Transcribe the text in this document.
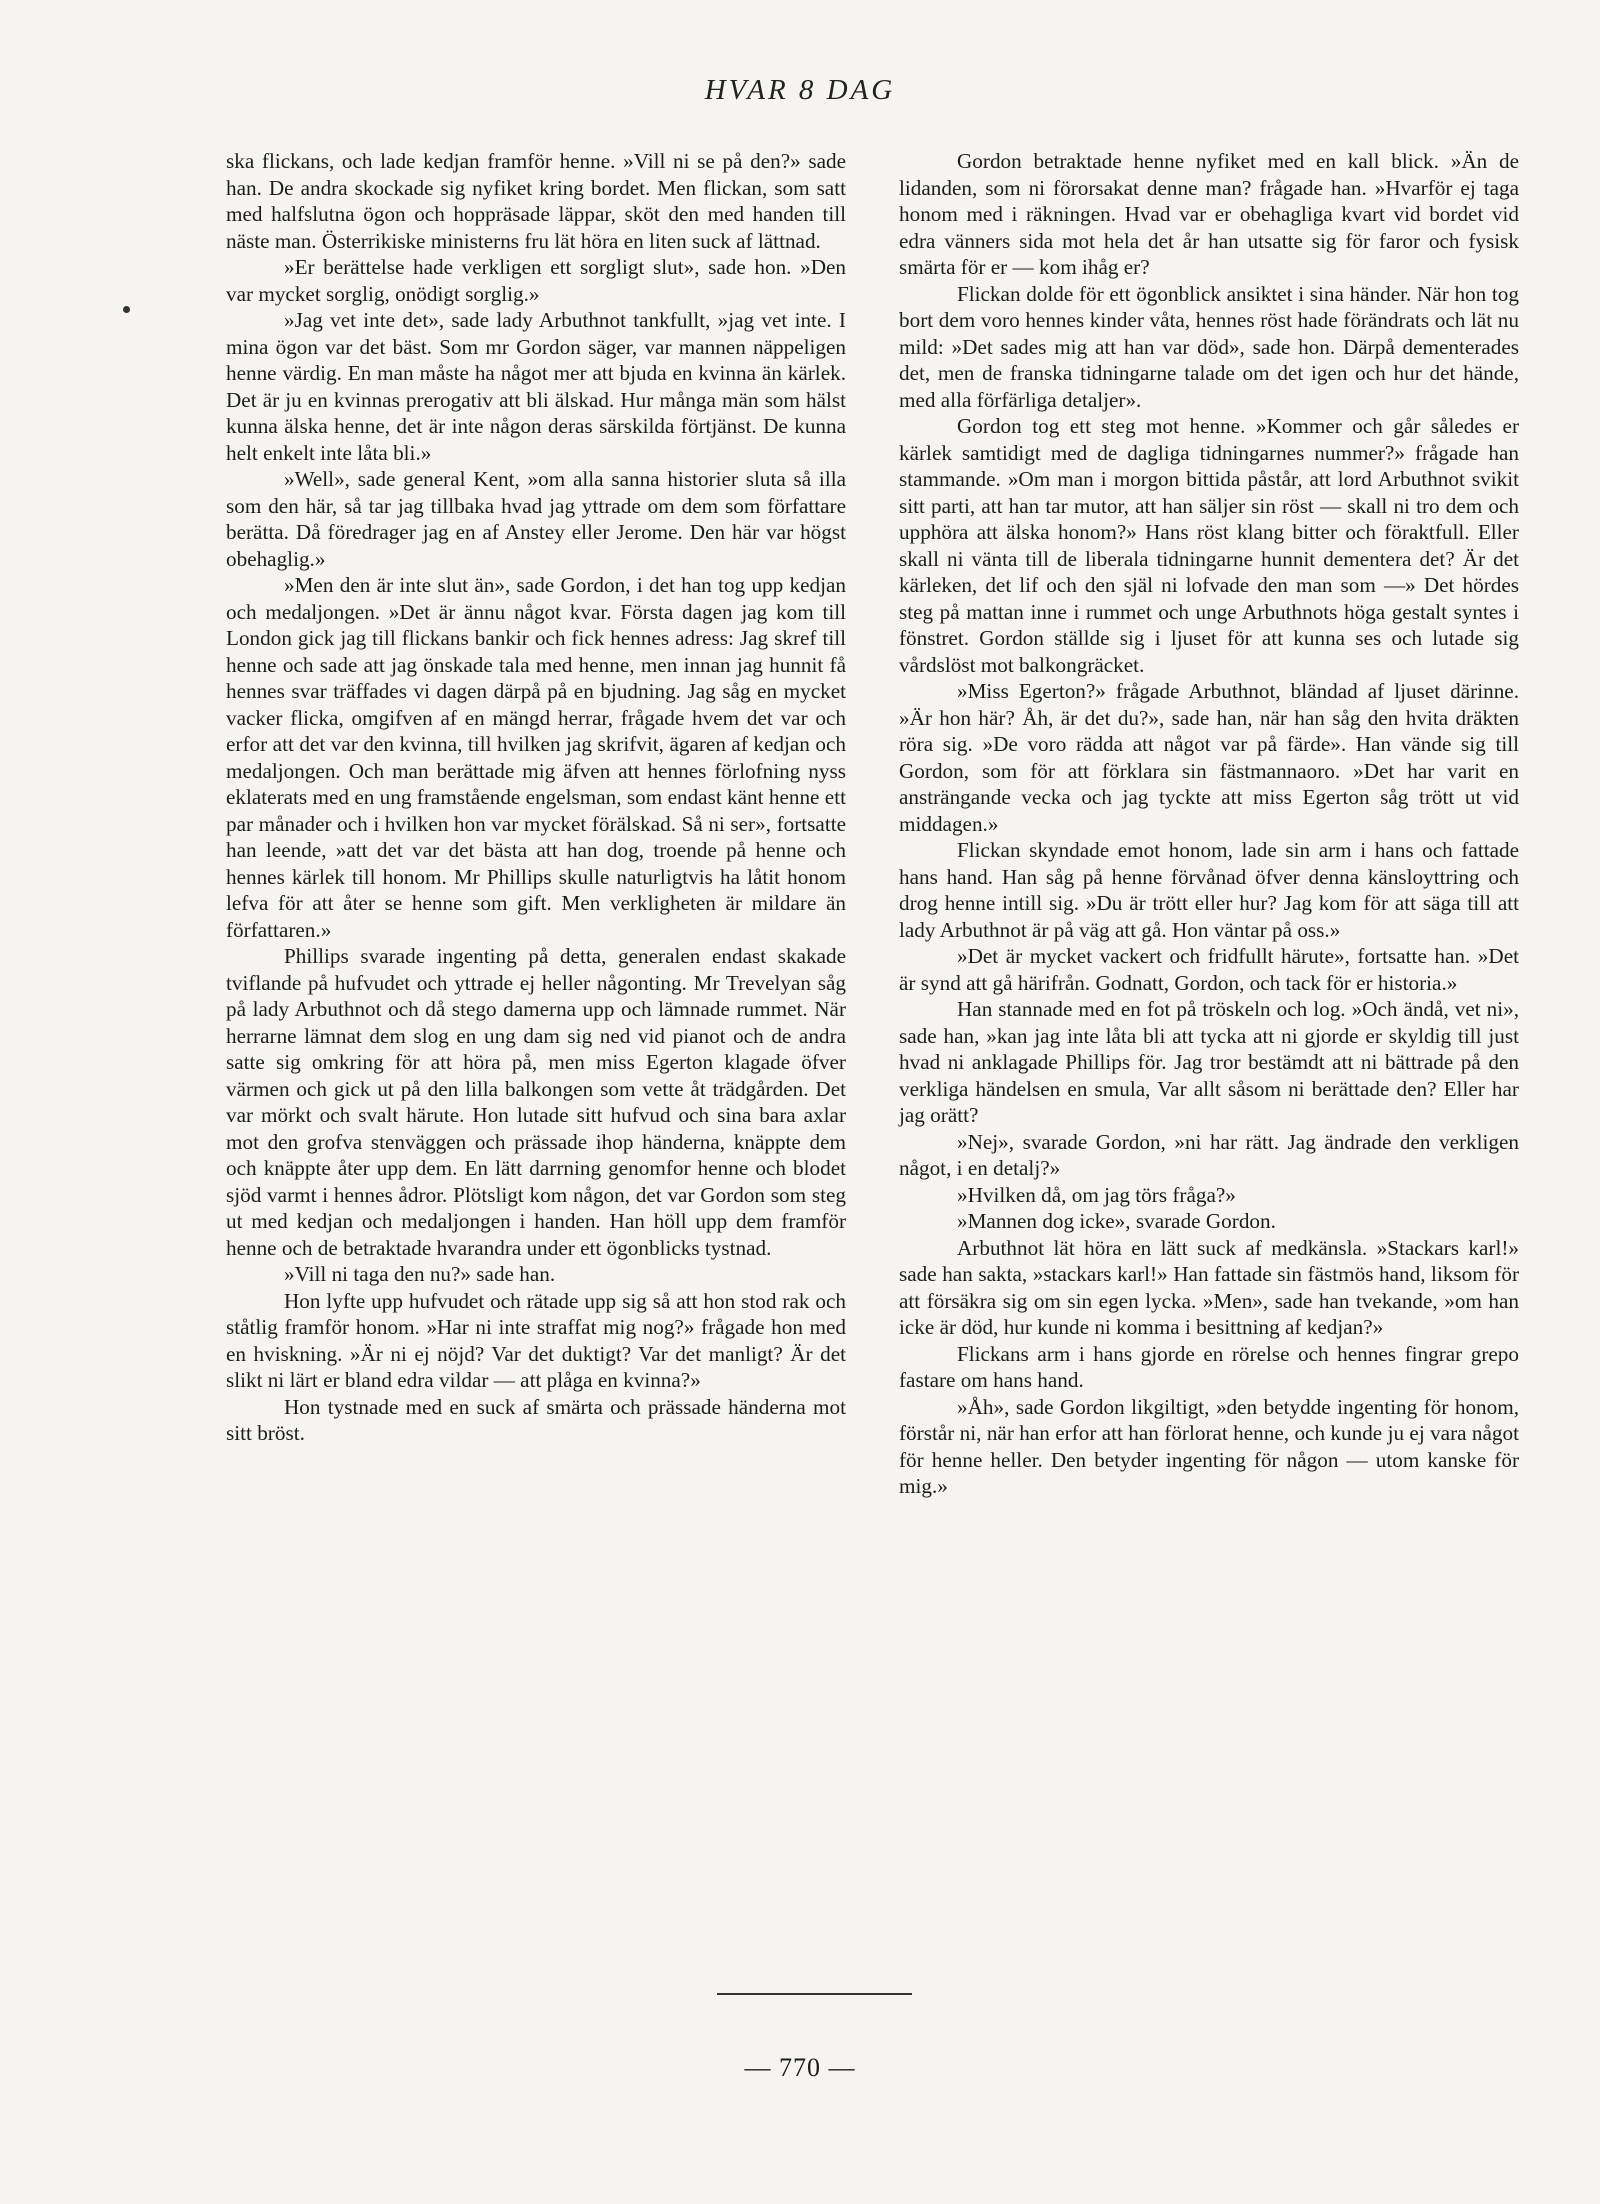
HVAR 8 DAG

ska flickans, och lade kedjan framför henne. »Vill ni se på den?» sade han. De andra skockade sig nyfiket kring bordet. Men flickan, som satt med halfslutna ögon och hoppräsade läppar, sköt den med handen till näste man. Österrikiske ministerns fru lät höra en liten suck af lättnad.

»Er berättelse hade verkligen ett sorgligt slut», sade hon. »Den var mycket sorglig, onödigt sorglig.»

»Jag vet inte det», sade lady Arbuthnot tankfullt, »jag vet inte. I mina ögon var det bäst. Som mr Gordon säger, var mannen näppeligen henne värdig. En man måste ha något mer att bjuda en kvinna än kärlek. Det är ju en kvinnas prerogativ att bli älskad. Hur många män som hälst kunna älska henne, det är inte någon deras särskilda förtjänst. De kunna helt enkelt inte låta bli.»

»Well», sade general Kent, »om alla sanna historier sluta så illa som den här, så tar jag tillbaka hvad jag yttrade om dem som författare berätta. Då föredrager jag en af Anstey eller Jerome. Den här var högst obehaglig.»

»Men den är inte slut än», sade Gordon, i det han tog upp kedjan och medaljongen. »Det är ännu något kvar. Första dagen jag kom till London gick jag till flickans bankir och fick hennes adress: Jag skref till henne och sade att jag önskade tala med henne, men innan jag hunnit få hennes svar träffades vi dagen därpå på en bjudning. Jag såg en mycket vacker flicka, omgifven af en mängd herrar, frågade hvem det var och erfor att det var den kvinna, till hvilken jag skrifvit, ägaren af kedjan och medaljongen. Och man berättade mig äfven att hennes förlofning nyss eklaterats med en ung framstående engelsman, som endast känt henne ett par månader och i hvilken hon var mycket förälskad. Så ni ser», fortsatte han leende, »att det var det bästa att han dog, troende på henne och hennes kärlek till honom. Mr Phillips skulle naturligtvis ha låtit honom lefva för att åter se henne som gift. Men verkligheten är mildare än författaren.»

Phillips svarade ingenting på detta, generalen endast skakade tviflande på hufvudet och yttrade ej heller någonting. Mr Trevelyan såg på lady Arbuthnot och då stego damerna upp och lämnade rummet. När herrarne lämnat dem slog en ung dam sig ned vid pianot och de andra satte sig omkring för att höra på, men miss Egerton klagade öfver värmen och gick ut på den lilla balkongen som vette åt trädgården. Det var mörkt och svalt härute. Hon lutade sitt hufvud och sina bara axlar mot den grofva stenväggen och prässade ihop händerna, knäppte dem och knäppte åter upp dem. En lätt darrning genomfor henne och blodet sjöd varmt i hennes ådror. Plötsligt kom någon, det var Gordon som steg ut med kedjan och medaljongen i handen. Han höll upp dem framför henne och de betraktade hvarandra under ett ögonblicks tystnad.

»Vill ni taga den nu?» sade han.

Hon lyfte upp hufvudet och rätade upp sig så att hon stod rak och ståtlig framför honom. »Har ni inte straffat mig nog?» frågade hon med en hviskning. »Är ni ej nöjd? Var det duktigt? Var det manligt? Är det slikt ni lärt er bland edra vildar — att plåga en kvinna?»

Hon tystnade med en suck af smärta och prässade händerna mot sitt bröst.

Gordon betraktade henne nyfiket med en kall blick. »Än de lidanden, som ni förorsakat denne man? frågade han. »Hvarför ej taga honom med i räkningen. Hvad var er obehagliga kvart vid bordet vid edra vänners sida mot hela det år han utsatte sig för faror och fysisk smärta för er — kom ihåg er?

Flickan dolde för ett ögonblick ansiktet i sina händer. När hon tog bort dem voro hennes kinder våta, hennes röst hade förändrats och lät nu mild: »Det sades mig att han var död», sade hon. Därpå dementerades det, men de franska tidningarne talade om det igen och hur det hände, med alla förfärliga detaljer».

Gordon tog ett steg mot henne. »Kommer och går således er kärlek samtidigt med de dagliga tidningarnes nummer?» frågade han stammande. »Om man i morgon bittida påstår, att lord Arbuthnot svikit sitt parti, att han tar mutor, att han säljer sin röst — skall ni tro dem och upphöra att älska honom?» Hans röst klang bitter och föraktfull. Eller skall ni vänta till de liberala tidningarne hunnit dementera det? Är det kärleken, det lif och den själ ni lofvade den man som —» Det hördes steg på mattan inne i rummet och unge Arbuthnots höga gestalt syntes i fönstret. Gordon ställde sig i ljuset för att kunna ses och lutade sig vårdslöst mot balkongräcket.

»Miss Egerton?» frågade Arbuthnot, bländad af ljuset därinne. »Är hon här? Åh, är det du?», sade han, när han såg den hvita dräkten röra sig. »De voro rädda att något var på färde». Han vände sig till Gordon, som för att förklara sin fästmannaoro. »Det har varit en ansträngande vecka och jag tyckte att miss Egerton såg trött ut vid middagen.»

Flickan skyndade emot honom, lade sin arm i hans och fattade hans hand. Han såg på henne förvånad öfver denna känsloyttring och drog henne intill sig. »Du är trött eller hur? Jag kom för att säga till att lady Arbuthnot är på väg att gå. Hon väntar på oss.»

»Det är mycket vackert och fridfullt härute», fortsatte han. »Det är synd att gå härifrån. Godnatt, Gordon, och tack för er historia.»

Han stannade med en fot på tröskeln och log. »Och ändå, vet ni», sade han, »kan jag inte låta bli att tycka att ni gjorde er skyldig till just hvad ni anklagade Phillips för. Jag tror bestämdt att ni bättrade på den verkliga händelsen en smula, Var allt såsom ni berättade den? Eller har jag orätt?

»Nej», svarade Gordon, »ni har rätt. Jag ändrade den verkligen något, i en detalj?»

»Hvilken då, om jag törs fråga?»

»Mannen dog icke», svarade Gordon.

Arbuthnot lät höra en lätt suck af medkänsla. »Stackars karl!» sade han sakta, »stackars karl!» Han fattade sin fästmös hand, liksom för att försäkra sig om sin egen lycka. »Men», sade han tvekande, »om han icke är död, hur kunde ni komma i besittning af kedjan?»

Flickans arm i hans gjorde en rörelse och hennes fingrar grepo fastare om hans hand.

»Åh», sade Gordon likgiltigt, »den betydde ingenting för honom, förstår ni, när han erfor att han förlorat henne, och kunde ju ej vara något för henne heller. Den betyder ingenting för någon — utom kanske för mig.»

— 770 —
